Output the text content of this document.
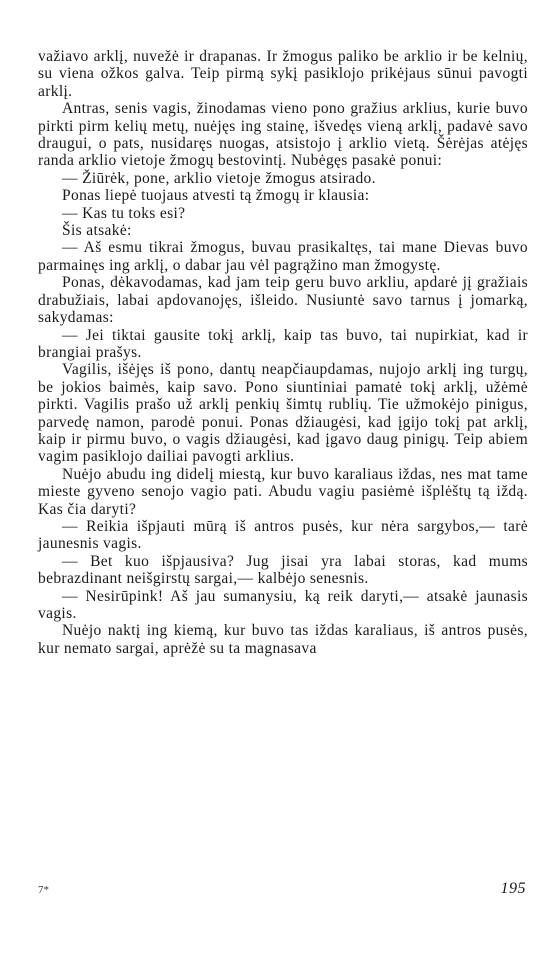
važiavo arklį, nuvežė ir drapanas. Ir žmogus paliko be arklio ir be kelnių, su viena ožkos galva. Teip pirmą sykį pasiklojo prikėjaus sūnui pavogti arklį.

Antras, senis vagis, žinodamas vieno pono gražius arklius, kurie buvo pirkti pirm kelių metų, nuėjęs ing stainę, išvedęs vieną arklį, padavė savo draugui, o pats, nusidaręs nuogas, atsistojo į arklio vietą. Šėrėjas atėjęs randa arklio vietoje žmogų bestovintį. Nubėgęs pasakė ponui:

— Žiūrėk, pone, arklio vietoje žmogus atsirado.

Ponas liepė tuojaus atvesti tą žmogų ir klausia:

— Kas tu toks esi?

Šis atsakė:

— Aš esmu tikrai žmogus, buvau prasikaltęs, tai mane Dievas buvo parmainęs ing arklį, o dabar jau vėl pagrąžino man žmogystę.

Ponas, dėkavodamas, kad jam teip geru buvo arkliu, apdarė jį gražiais drabužiais, labai apdovanojęs, išleido. Nusiuntė savo tarnus į jomarką, sakydamas:

— Jei tiktai gausite tokį arklį, kaip tas buvo, tai nupirkiat, kad ir brangiai prašys.

Vagilis, išėjęs iš pono, dantų neapčiaupdamas, nujojo arklį ing turgų, be jokios baimės, kaip savo. Pono siuntiniai pamatė tokį arklį, užėmė pirkti. Vagilis prašo už arklį penkių šimtų rublių. Tie užmokėjo pinigus, parvedę namon, parodė ponui. Ponas džiaugėsi, kad įgijo tokį pat arklį, kaip ir pirmu buvo, o vagis džiaugėsi, kad įgavo daug pinigų. Teip abiem vagim pasiklojo dailiai pavogti arklius.

Nuėjo abudu ing didelį miestą, kur buvo karaliaus iždas, nes mat tame mieste gyveno senojo vagio pati. Abudu vagiu pasiėmė išplėštų tą iždą. Kas čia daryti?

— Reikia išpjauti mūrą iš antros pusės, kur nėra sargybos,— tarė jaunesnis vagis.

— Bet kuo išpjausiva? Jug jisai yra labai storas, kad mums bebrazdinant neišgirstų sargai,— kalbėjo senesnis.

— Nesirūpink! Aš jau sumanysiu, ką reik daryti,— atsakė jaunasis vagis.

Nuėjo naktį ing kiemą, kur buvo tas iždas karaliaus, iš antros pusės, kur nemato sargai, aprėžė su ta magnasava

7*	195
